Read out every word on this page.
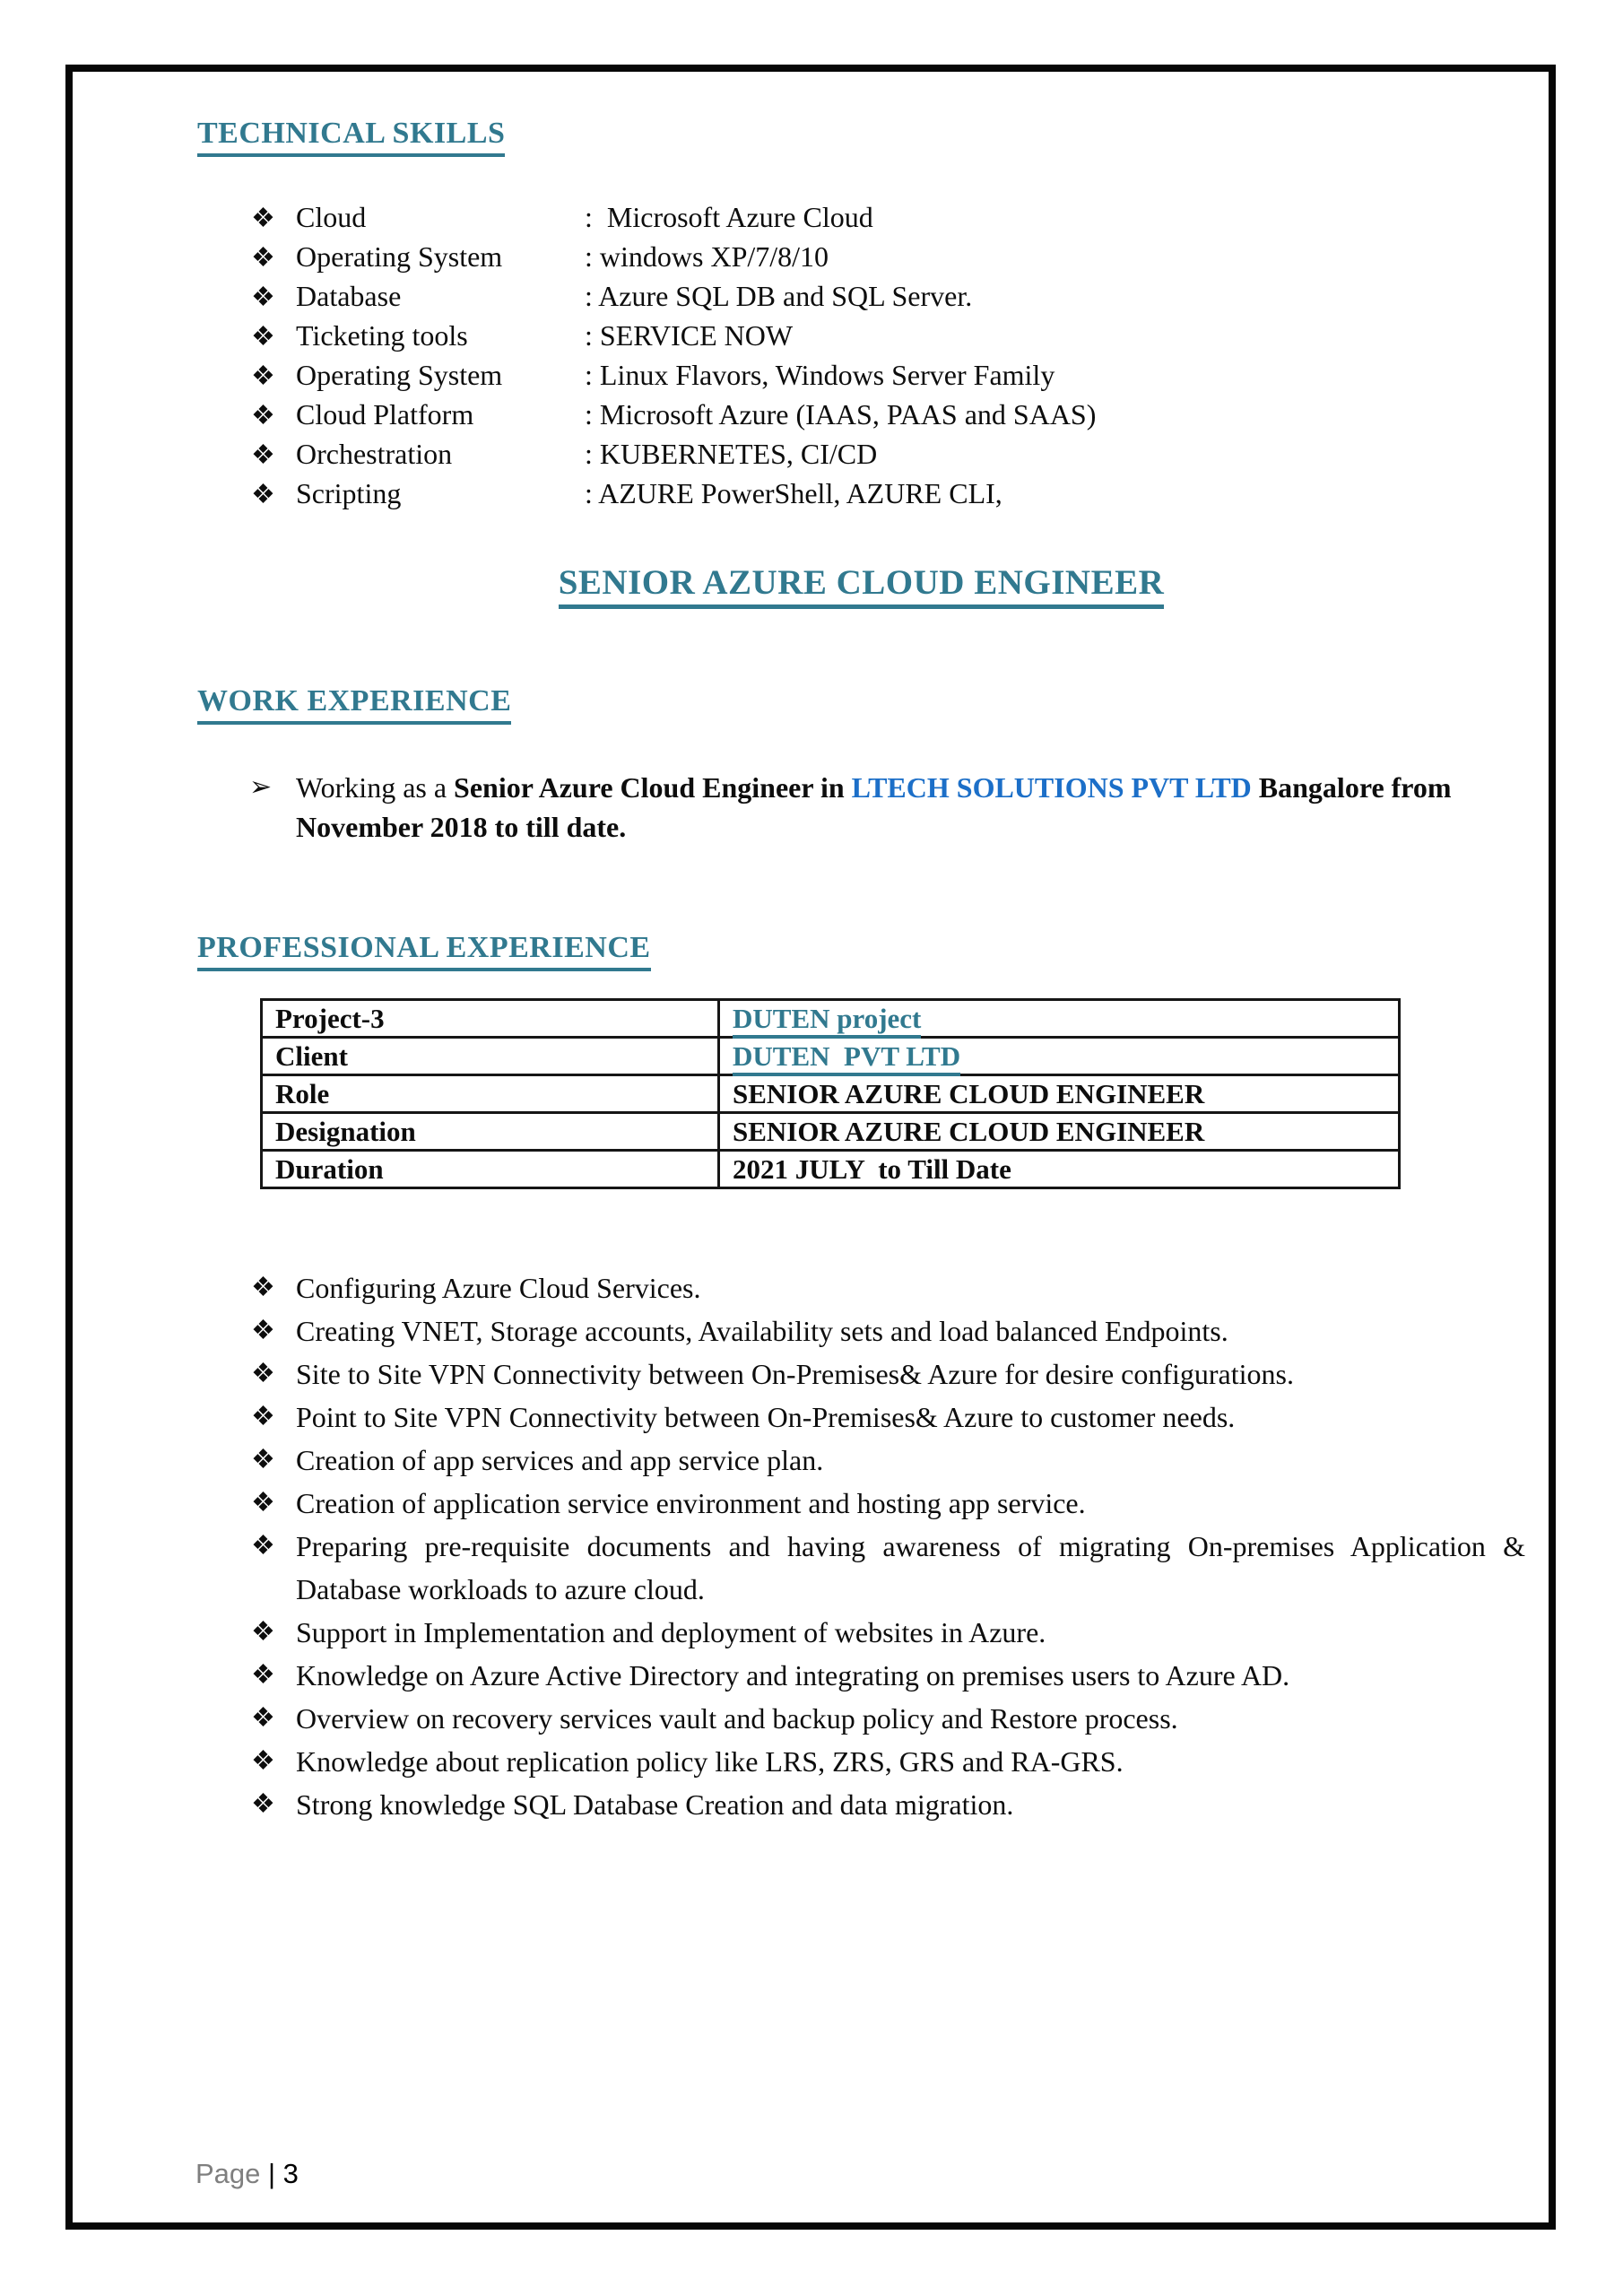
TECHNICAL SKILLS
❖ Cloud	:  Microsoft Azure Cloud
❖ Operating System	: windows XP/7/8/10
❖ Database	: Azure SQL DB and SQL Server.
❖ Ticketing tools	: SERVICE NOW
❖ Operating System	: Linux Flavors, Windows Server Family
❖ Cloud Platform	: Microsoft Azure (IAAS, PAAS and SAAS)
❖ Orchestration	: KUBERNETES, CI/CD
❖ Scripting	: AZURE PowerShell, AZURE CLI,
SENIOR AZURE CLOUD ENGINEER
WORK EXPERIENCE
➢ Working as a Senior Azure Cloud Engineer in LTECH SOLUTIONS PVT LTD Bangalore from November 2018 to till date.
PROFESSIONAL EXPERIENCE
Project-3	DUTEN project
Client	DUTEN  PVT LTD
Role	SENIOR AZURE CLOUD ENGINEER
Designation	SENIOR AZURE CLOUD ENGINEER
Duration	2021 JULY  to Till Date
❖ Configuring Azure Cloud Services.
❖ Creating VNET, Storage accounts, Availability sets and load balanced Endpoints.
❖ Site to Site VPN Connectivity between On-Premises& Azure for desire configurations.
❖ Point to Site VPN Connectivity between On-Premises& Azure to customer needs.
❖ Creation of app services and app service plan.
❖ Creation of application service environment and hosting app service.
❖ Preparing pre-requisite documents and having awareness of migrating On-premises Application & Database workloads to azure cloud.
❖ Support in Implementation and deployment of websites in Azure.
❖ Knowledge on Azure Active Directory and integrating on premises users to Azure AD.
❖ Overview on recovery services vault and backup policy and Restore process.
❖ Knowledge about replication policy like LRS, ZRS, GRS and RA-GRS.
❖ Strong knowledge SQL Database Creation and data migration.
Page | 3
